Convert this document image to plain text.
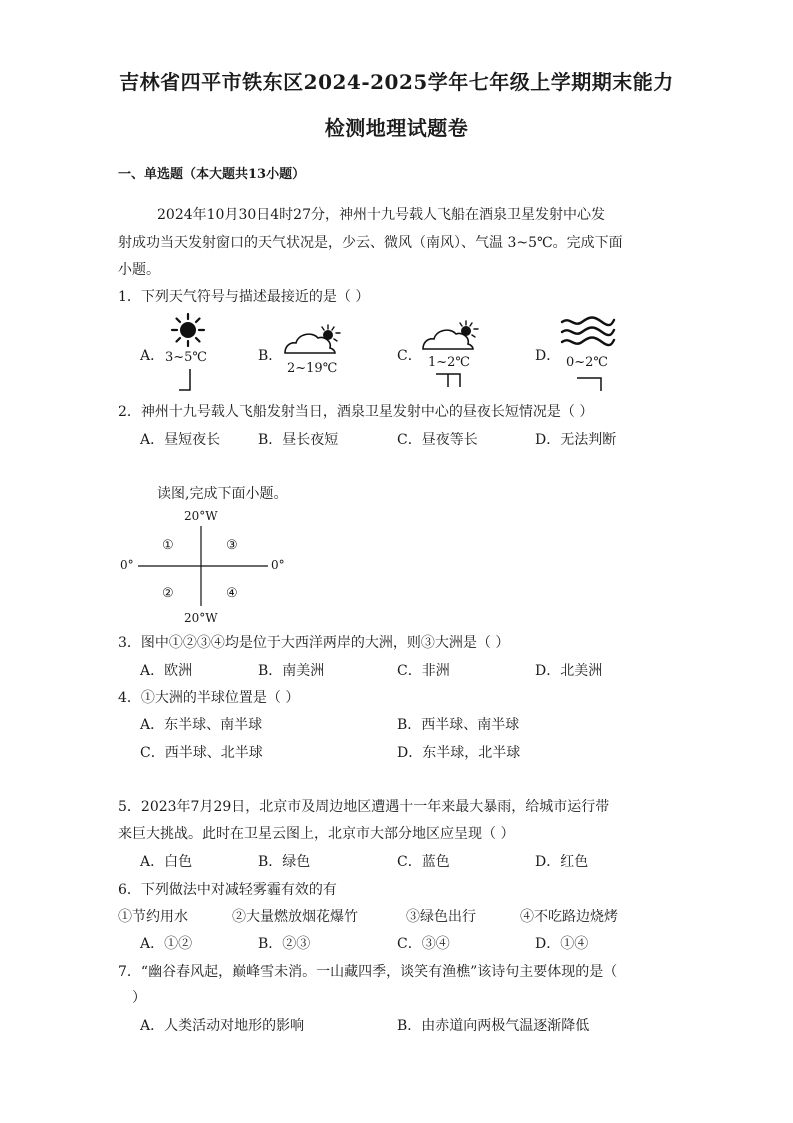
吉林省四平市铁东区2024-2025学年七年级上学期期末能力
检测地理试题卷
一、单选题（本大题共13小题）
2024年10月30日4时27分，神州十九号载人飞船在酒泉卫星发射中心发
射成功当天发射窗口的天气状况是，少云、微风（南风）、气温 3~5℃。完成下面
小题。
1．下列天气符号与描述最接近的是（ ）
A． 3~5℃	B．
2~19℃
C． 1~2℃	D． 0~2℃
2．神州十九号载人飞船发射当日，酒泉卫星发射中心的昼夜长短情况是（ ）
A．昼短夜长	B．昼长夜短	C．昼夜等长	D．无法判断
读图,完成下面小题。
20°W
20°W
0°	0°
①	③
②	④
3．图中①②③④均是位于大西洋两岸的大洲，则③大洲是（ ）
A．欧洲	B．南美洲	C．非洲	D．北美洲
4．①大洲的半球位置是（ ）
A．东半球、南半球	B．西半球、南半球
C．西半球、北半球	D．东半球，北半球
5．2023年7月29日，北京市及周边地区遭遇十一年来最大暴雨，给城市运行带
来巨大挑战。此时在卫星云图上，北京市大部分地区应呈现（ ）
A．白色	B．绿色	C．蓝色	D．红色
6．下列做法中对减轻雾霾有效的有
①节约用水	②大量燃放烟花爆竹	③绿色出行	④不吃路边烧烤
A．①②	B．②③	C．③④	D．①④
7．“幽谷春风起，巅峰雪未消。一山藏四季，谈笑有渔樵”该诗句主要体现的是（
）
A．人类活动对地形的影响	B．由赤道向两极气温逐渐降低
